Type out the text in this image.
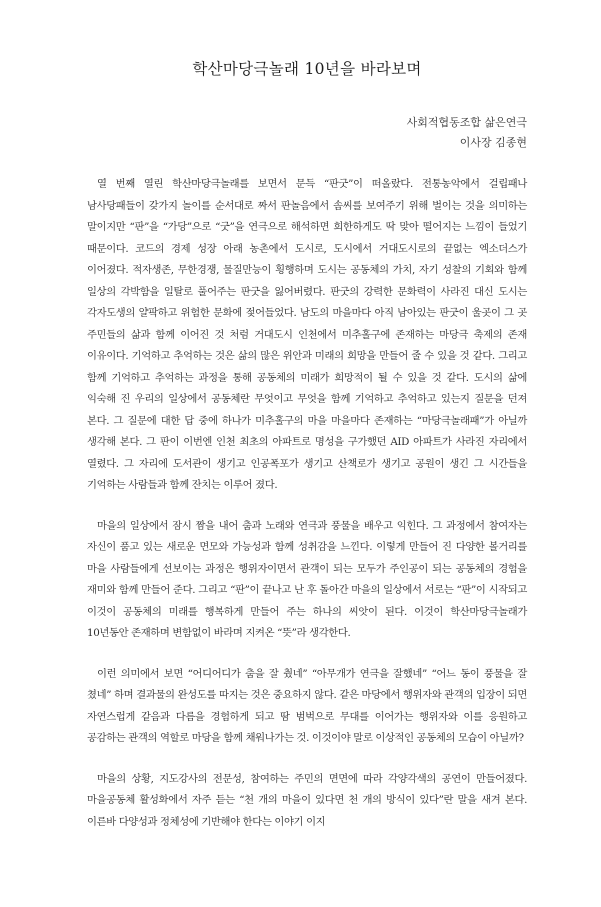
학산마당극놀래 10년을 바라보며
사회적협동조합 삶은연극
이사장 김종현

열 번째 열린 학산마당극놀래를 보면서 문득 “판굿”이 떠올랐다. 전통농악에서 걸립패나 남사당패들이 갖가지 놀이를 순서대로 짜서 판놀음에서 솜씨를 보여주기 위해 벌이는 것을 의미하는 말이지만 “판”을 “가당”으로 “굿”을 연극으로 해석하면 희한하게도 딱 맞아 떨어지는 느낌이 들었기 때문이다. 코드의 경제 성장 아래 농촌에서 도시로, 도시에서 거대도시로의 끝없는 엑소더스가 이어졌다. 적자생존, 무한경쟁, 물질만능이 횡행하며 도시는 공동체의 가치, 자기 성찰의 기회와 함께 일상의 각박함을 일탈로 풀어주는 판굿을 잃어버렸다. 판굿의 강력한 문화력이 사라진 대신 도시는 각자도생의 얄팍하고 위험한 문화에 젖어들었다. 남도의 마을마다 아직 남아있는 판굿이 울곳이 그 곳 주민들의 삶과 함께 이어진 것 처럼 거대도시 인천에서 미추홀구에 존재하는 마당극 축제의 존재 이유이다. 기억하고 추억하는 것은 삶의 많은 위안과 미래의 희망을 만들어 줄 수 있을 것 같다. 그리고 함께 기억하고 추억하는 과정을 통해 공동체의 미래가 희망적이 될 수 있을 것 같다. 도시의 삶에 익숙해 진 우리의 일상에서 공동체란 무엇이고 무엇을 함께 기억하고 추억하고 있는지 질문을 던져 본다. 그 질문에 대한 답 중에 하나가 미추홀구의 마을 마을마다 존재하는 “마당극놀래패”가 아닐까 생각해 본다. 그 판이 이번엔 인천 최초의 아파트로 명성을 구가했던 AID 아파트가 사라진 자리에서 열렸다. 그 자리에 도서관이 생기고 인공폭포가 생기고 산책로가 생기고 공원이 생긴 그 시간들을 기억하는 사람들과 함께 잔치는 이루어 졌다.

마을의 일상에서 잠시 짬을 내어 춤과 노래와 연극과 풍물을 배우고 익힌다. 그 과정에서 참여자는 자신이 품고 있는 새로운 면모와 가능성과 함께 성취감을 느낀다. 이렇게 만들어 진 다양한 볼거리를 마을 사람들에게 선보이는 과정은 행위자이면서 관객이 되는 모두가 주인공이 되는 공동체의 경험을 재미와 함께 만들어 준다. 그리고 “판”이 끝나고 난 후 돌아간 마을의 일상에서 서로는 “판”이 시작되고 이것이 공동체의 미래를 행복하게 만들어 주는 하나의 씨앗이 된다. 이것이 학산마당극놀래가 10년동안 존재하며 변함없이 바라며 지켜온 “뜻”라 생각한다.

이런 의미에서 보면 “어디어디가 춤을 잘 췄네” “아무개가 연극을 잘했네” “어느 동이 풍물을 잘 쳤네” 하며 결과물의 완성도를 따지는 것은 중요하지 않다. 같은 마당에서 행위자와 관객의 입장이 되면 자연스럽게 같음과 다름을 경험하게 되고 땀 범벅으로 무대를 이어가는 행위자와 이를 응원하고 공감하는 관객의 역할로 마당을 함께 채워나가는 것. 이것이야 말로 이상적인 공동체의 모습이 아닐까?

마을의 상황, 지도강사의 전문성, 참여하는 주민의 면면에 따라 각양각색의 공연이 만들어졌다. 마을공동체 활성화에서 자주 듣는 “천 개의 마을이 있다면 천 개의 방식이 있다”란 말을 새겨 본다. 이른바 다양성과 정체성에 기반해야 한다는 이야기 이지
